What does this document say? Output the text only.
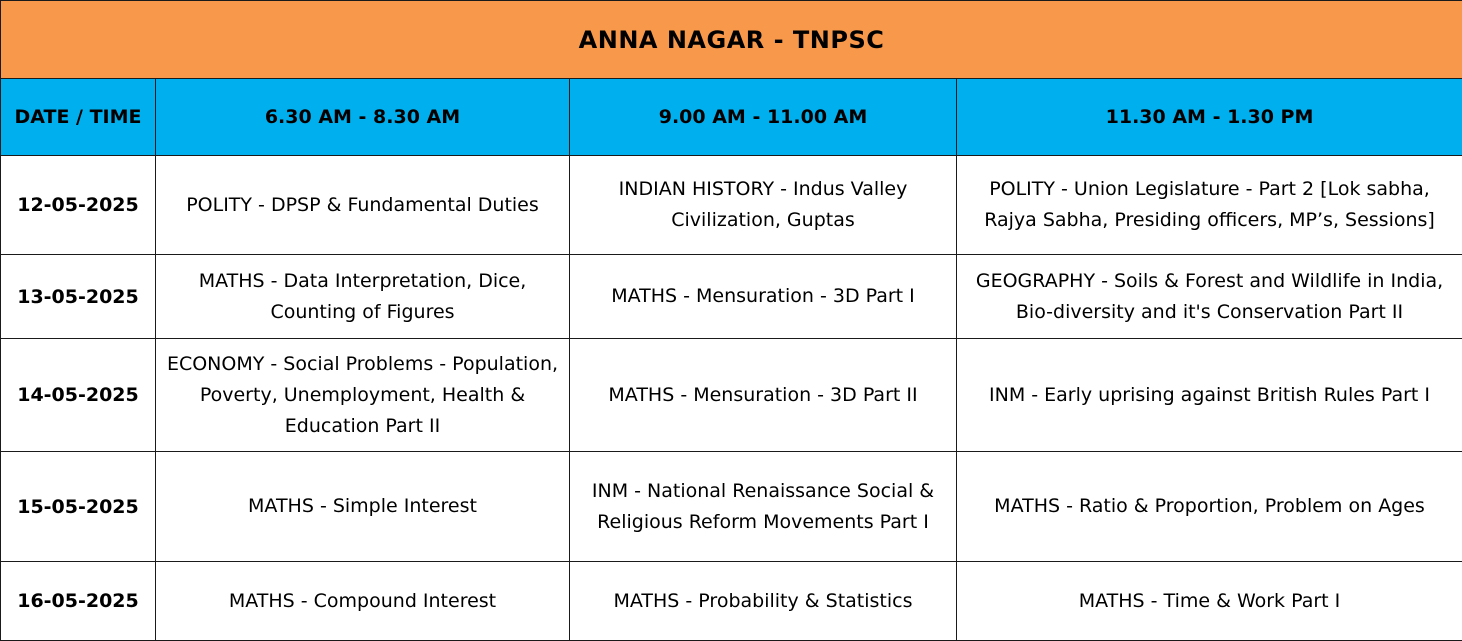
ANNA NAGAR - TNPSC			
DATE / TIME	6.30 AM - 8.30 AM	9.00 AM - 11.00 AM	11.30 AM - 1.30 PM
12-05-2025	POLITY - DPSP & Fundamental Duties	INDIAN HISTORY - Indus Valley Civilization, Guptas	POLITY - Union Legislature - Part 2 [Lok sabha, Rajya Sabha, Presiding officers, MP’s, Sessions]
13-05-2025	MATHS - Data Interpretation, Dice, Counting of Figures	MATHS - Mensuration - 3D Part I	GEOGRAPHY - Soils & Forest and Wildlife in India, Bio-diversity and it's Conservation Part II
14-05-2025	ECONOMY - Social Problems - Population, Poverty, Unemployment, Health & Education Part II	MATHS - Mensuration - 3D Part II	INM - Early uprising against British Rules Part I
15-05-2025	MATHS - Simple Interest	INM - National Renaissance Social & Religious Reform Movements Part I	MATHS - Ratio & Proportion, Problem on Ages
16-05-2025	MATHS - Compound Interest	MATHS - Probability & Statistics	MATHS - Time & Work Part I
